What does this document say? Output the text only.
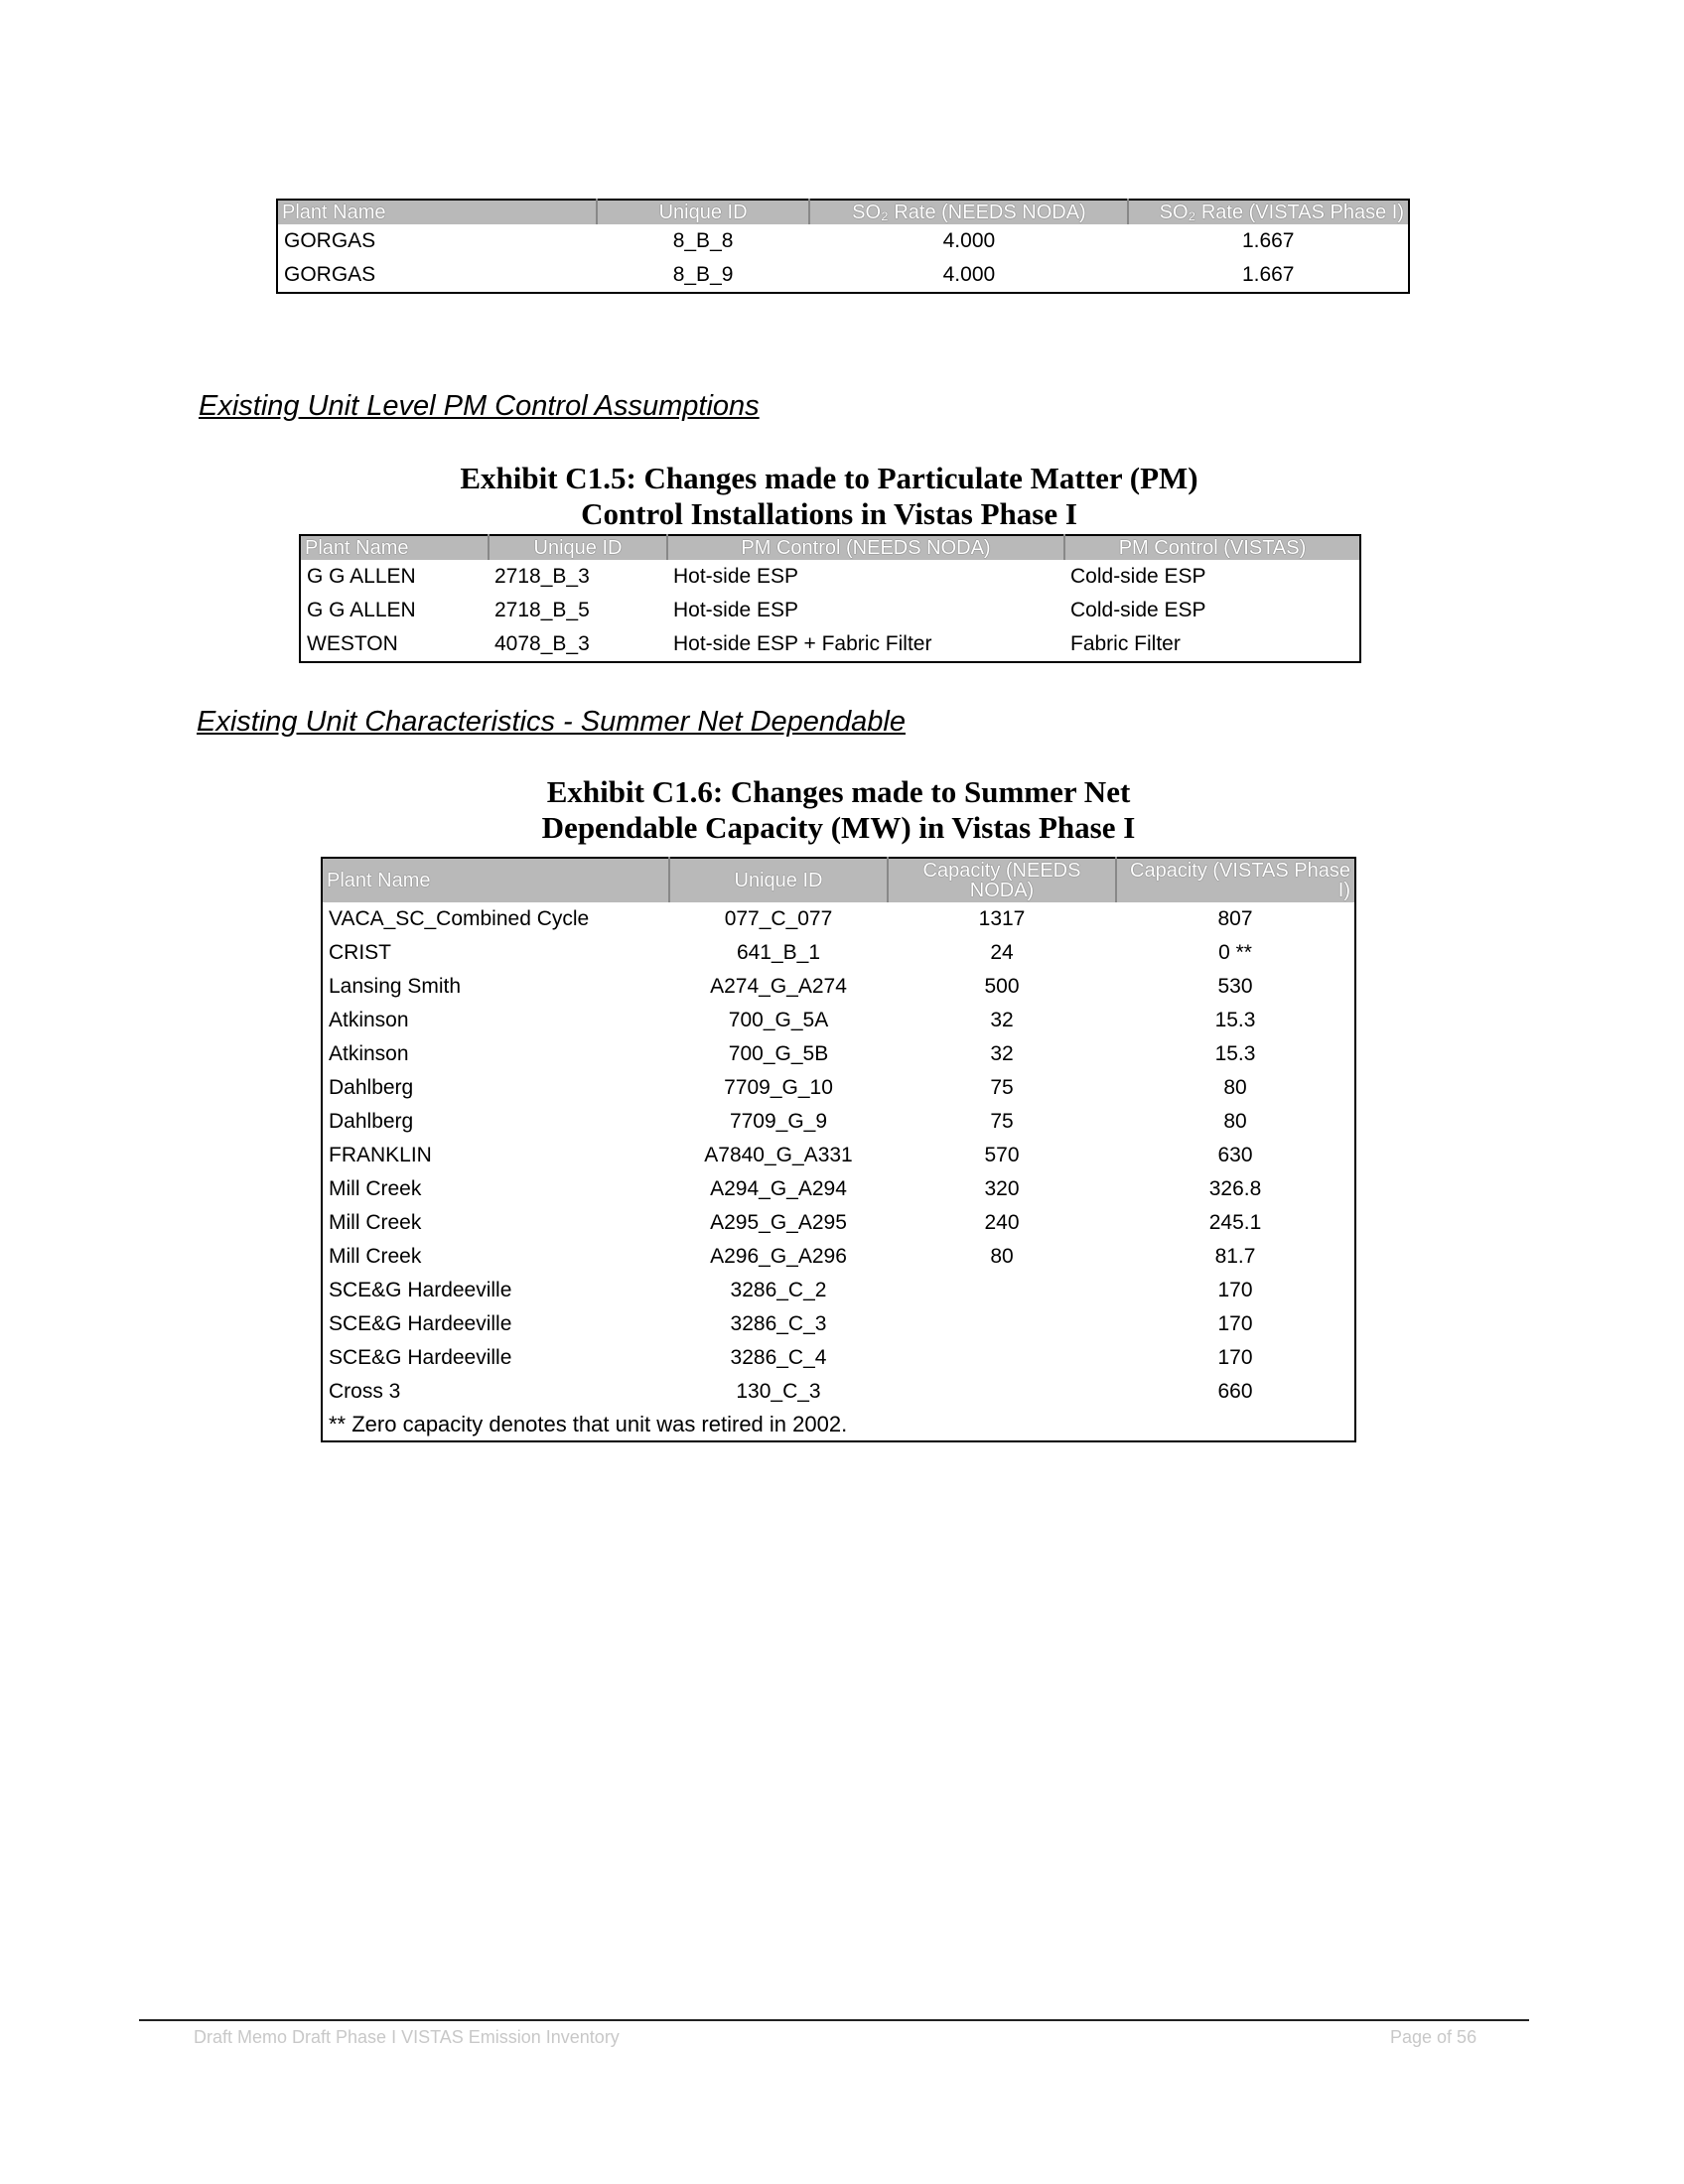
Plant Name	Unique ID	SO₂ Rate (NEEDS NODA)	SO₂ Rate (VISTAS Phase I)
GORGAS	8_B_8	4.000	1.667
GORGAS	8_B_9	4.000	1.667
Existing Unit Level PM Control Assumptions
Exhibit C1.5: Changes made to Particulate Matter (PM)
Control Installations in Vistas Phase I
Plant Name	Unique ID	PM Control (NEEDS NODA)	PM Control (VISTAS)
G G ALLEN	2718_B_3	Hot-side ESP	Cold-side ESP
G G ALLEN	2718_B_5	Hot-side ESP	Cold-side ESP
WESTON	4078_B_3	Hot-side ESP + Fabric Filter	Fabric Filter
Existing Unit Characteristics - Summer Net Dependable
Exhibit C1.6: Changes made to Summer Net
Dependable Capacity (MW) in Vistas Phase I
Plant Name	Unique ID	Capacity (NEEDS NODA)	Capacity (VISTAS Phase I)
VACA_SC_Combined Cycle	077_C_077	1317	807
CRIST	641_B_1	24	0 **
Lansing Smith	A274_G_A274	500	530
Atkinson	700_G_5A	32	15.3
Atkinson	700_G_5B	32	15.3
Dahlberg	7709_G_10	75	80
Dahlberg	7709_G_9	75	80
FRANKLIN	A7840_G_A331	570	630
Mill Creek	A294_G_A294	320	326.8
Mill Creek	A295_G_A295	240	245.1
Mill Creek	A296_G_A296	80	81.7
SCE&G Hardeeville	3286_C_2		170
SCE&G Hardeeville	3286_C_3		170
SCE&G Hardeeville	3286_C_4		170
Cross 3	130_C_3		660
** Zero capacity denotes that unit was retired in 2002.			
Draft Memo Draft Phase I VISTAS Emission Inventory	Page of 56
